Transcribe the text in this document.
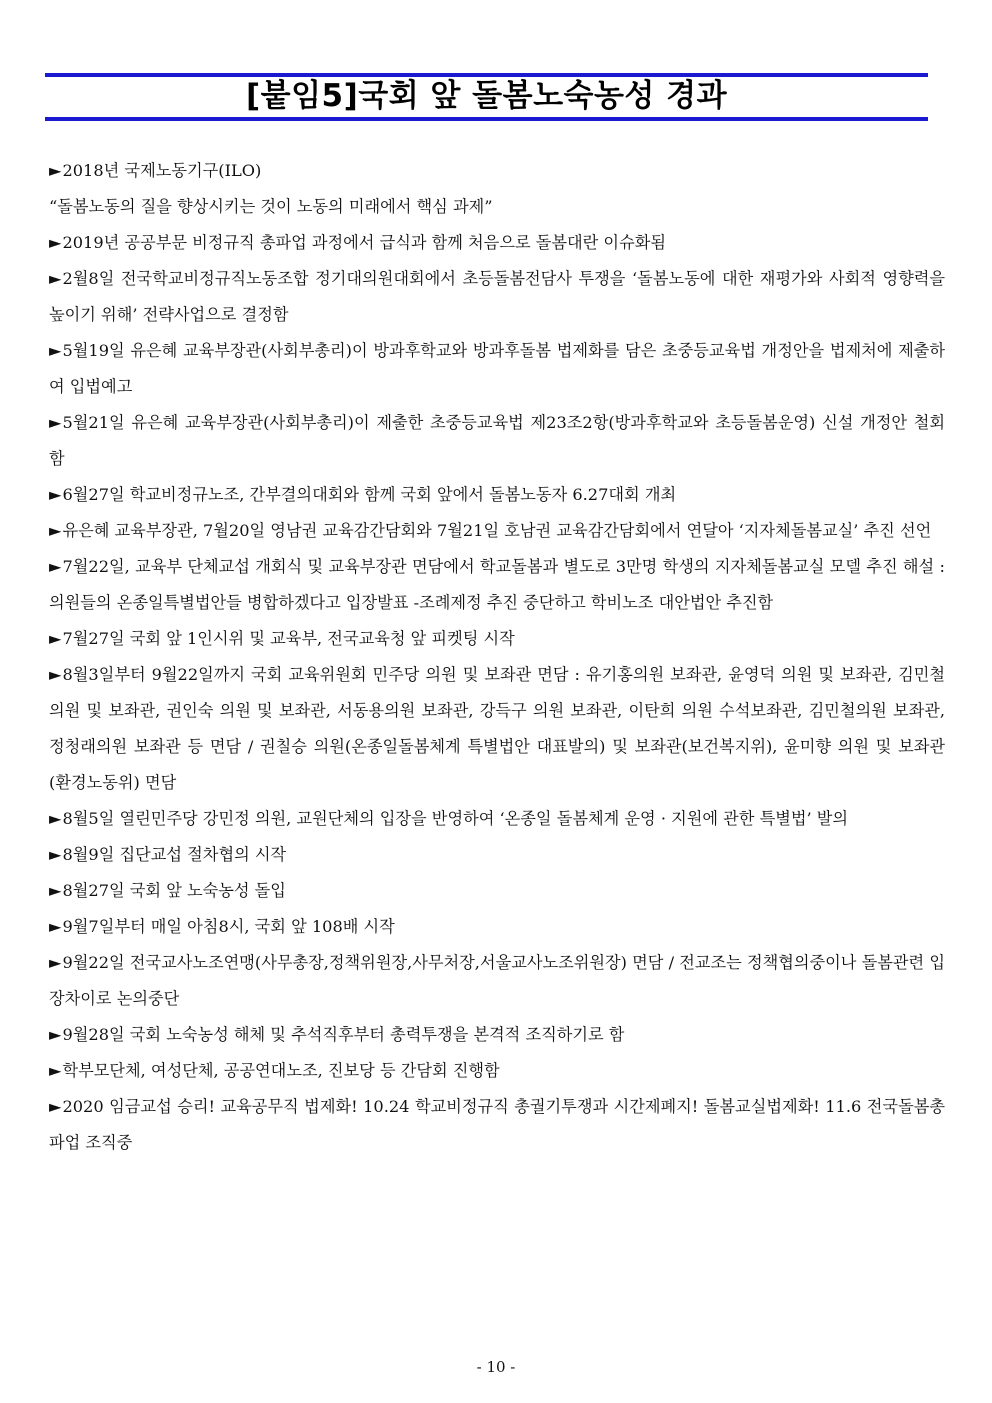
[붙임5]국회 앞 돌봄노숙농성 경과

►2018년 국제노동기구(ILO)

“돌봄노동의 질을 향상시키는 것이 노동의 미래에서 핵심 과제”

►2019년 공공부문 비정규직 총파업 과정에서 급식과 함께 처음으로 돌봄대란 이슈화됨

►2월8일 전국학교비정규직노동조합 정기대의원대회에서 초등돌봄전담사 투쟁을 ‘돌봄노동에 대한 재평가와 사회적 영향력을 높이기 위해’ 전략사업으로 결정함

►5월19일 유은혜 교육부장관(사회부총리)이 방과후학교와 방과후돌봄 법제화를 담은 초중등교육법 개정안을 법제처에 제출하여 입법예고

►5월21일 유은혜 교육부장관(사회부총리)이 제출한 초중등교육법 제23조2항(방과후학교와 초등돌봄운영) 신설 개정안 철회함

►6월27일 학교비정규노조, 간부결의대회와 함께 국회 앞에서 돌봄노동자 6.27대회 개최

►유은혜 교육부장관, 7월20일 영남권 교육감간담회와 7월21일 호남권 교육감간담회에서 연달아 ‘지자체돌봄교실’ 추진 선언

►7월22일, 교육부 단체교섭 개회식 및 교육부장관 면담에서 학교돌봄과 별도로 3만명 학생의 지자체돌봄교실 모델 추진 해설 : 의원들의 온종일특별법안들 병합하겠다고 입장발표 -조례제정 추진 중단하고 학비노조 대안법안 추진함

►7월27일 국회 앞 1인시위 및 교육부, 전국교육청 앞 피켓팅 시작

►8월3일부터 9월22일까지 국회 교육위원회 민주당 의원 및 보좌관 면담 : 유기홍의원 보좌관, 윤영덕 의원 및 보좌관, 김민철의원 및 보좌관, 권인숙 의원 및 보좌관, 서동용의원 보좌관, 강득구 의원 보좌관, 이탄희 의원 수석보좌관, 김민철의원 보좌관, 정청래의원 보좌관 등 면담 / 권칠승 의원(온종일돌봄체계 특별법안 대표발의) 및 보좌관(보건복지위), 윤미향 의원 및 보좌관(환경노동위) 면담

►8월5일 열린민주당 강민정 의원, 교원단체의 입장을 반영하여 ‘온종일 돌봄체계 운영 · 지원에 관한 특별법’ 발의

►8월9일 집단교섭 절차협의 시작

►8월27일 국회 앞 노숙농성 돌입

►9월7일부터 매일 아침8시, 국회 앞 108배 시작

►9월22일 전국교사노조연맹(사무총장,정책위원장,사무처장,서울교사노조위원장) 면담 / 전교조는 정책협의중이나 돌봄관련 입장차이로 논의중단

►9월28일 국회 노숙농성 해체 및 추석직후부터 총력투쟁을 본격적 조직하기로 함

►학부모단체, 여성단체, 공공연대노조, 진보당 등 간담회 진행함

►2020 임금교섭 승리! 교육공무직 법제화! 10.24 학교비정규직 총궐기투쟁과 시간제폐지! 돌봄교실법제화! 11.6 전국돌봄총파업 조직중

- 10 -
